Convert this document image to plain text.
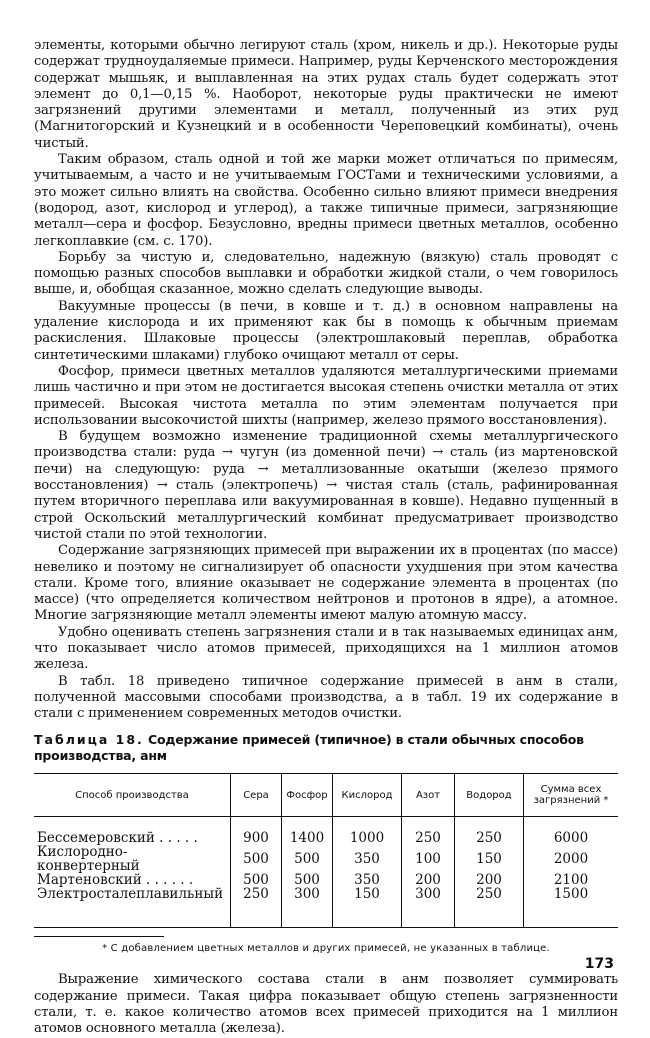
элементы, которыми обычно легируют сталь (хром, никель и др.). Некоторые руды содержат трудноудаляемые примеси. Например, руды Керченского месторождения содержат мышьяк, и выплавленная на этих рудах сталь будет содержать этот элемент до 0,1—0,15 %. Наоборот, некоторые руды практически не имеют загрязнений другими элементами и металл, полученный из этих руд (Магнитогорский и Кузнецкий и в особенности Череповецкий комбинаты), очень чистый.

Таким образом, сталь одной и той же марки может отличаться по примесям, учитываемым, а часто и не учитываемым ГОСТами и техническими условиями, а это может сильно влиять на свойства. Особенно сильно влияют примеси внедрения (водород, азот, кислород и углерод), а также типичные примеси, загрязняющие металл—сера и фосфор. Безусловно, вредны примеси цветных металлов, особенно легкоплавкие (см. с. 170).

Борьбу за чистую и, следовательно, надежную (вязкую) сталь проводят с помощью разных способов выплавки и обработки жидкой стали, о чем говорилось выше, и, обобщая сказанное, можно сделать следующие выводы.

Вакуумные процессы (в печи, в ковше и т. д.) в основном направлены на удаление кислорода и их применяют как бы в помощь к обычным приемам раскисления. Шлаковые процессы (электрошлаковый переплав, обработка синтетическими шлаками) глубоко очищают металл от серы.

Фосфор, примеси цветных металлов удаляются металлургическими приемами лишь частично и при этом не достигается высокая степень очистки металла от этих примесей. Высокая чистота металла по этим элементам получается при использовании высокочистой шихты (например, железо прямого восстановления).

В будущем возможно изменение традиционной схемы металлургического производства стали: руда → чугун (из доменной печи) → сталь (из мартеновской печи) на следующую: руда → металлизованные окатыши (железо прямого восстановления) → сталь (электропечь) → чистая сталь (сталь, рафинированная путем вторичного переплава или вакуумированная в ковше). Недавно пущенный в строй Оскольский металлургический комбинат предусматривает производство чистой стали по этой технологии.

Содержание загрязняющих примесей при выражении их в процентах (по массе) невелико и поэтому не сигнализирует об опасности ухудшения при этом качества стали. Кроме того, влияние оказывает не содержание элемента в процентах (по массе) (что определяется количеством нейтронов и протонов в ядре), а атомное. Многие загрязняющие металл элементы имеют малую атомную массу.

Удобно оценивать степень загрязнения стали и в так называемых единицах анм, что показывает число атомов примесей, приходящихся на 1 миллион атомов железа.

В табл. 18 приведено типичное содержание примесей в анм в стали, полученной массовыми способами производства, а в табл. 19 их содержание в стали с применением современных методов очистки.

Таблица 18. Содержание примесей (типичное) в стали обычных способов производства, анм
Способ производства	Сера	Фосфор	Кислород	Азот	Водород	Сумма всех загрязнений *
Бессемеровский . . . . .	900	1400	1000	250	250	6000
Кислородно-конвертерный	500	500	350	100	150	2000
Мартеновский . . . . . .	500	500	350	200	200	2100
Электросталеплавильный	250	300	150	300	250	1500
* С добавлением цветных металлов и других примесей, не указанных в таблице.

Выражение химического состава стали в анм позволяет суммировать содержание примеси. Такая цифра показывает общую степень загрязненности стали, т. е. какое количество атомов всех примесей приходится на 1 миллион атомов основного металла (железа).

173
